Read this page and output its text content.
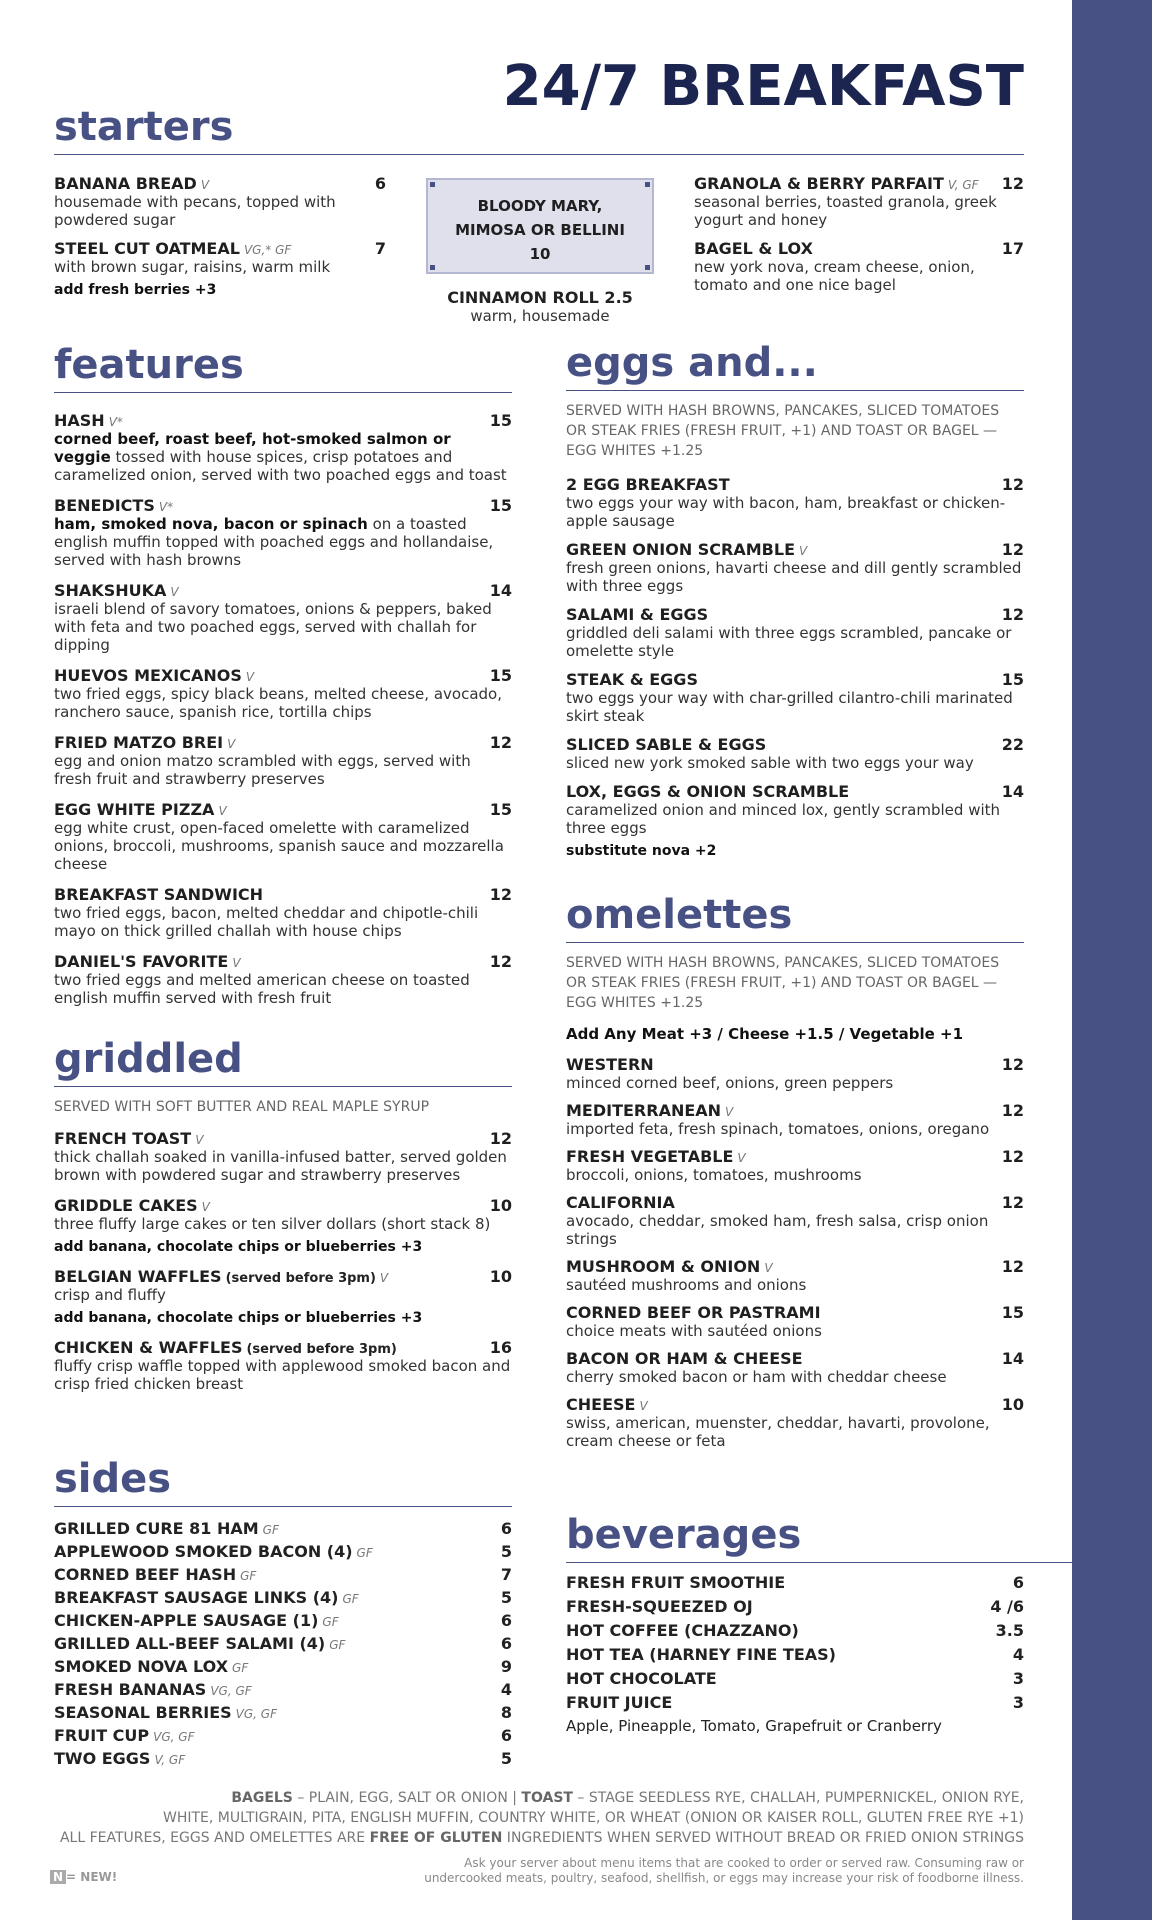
24/7 BREAKFAST
starters
BANANA BREAD V	6
housemade with pecans, topped with powdered sugar
STEEL CUT OATMEAL VG,* GF	7
with brown sugar, raisins, warm milk
add fresh berries +3
BLOODY MARY,
MIMOSA OR BELLINI
10
CINNAMON ROLL 2.5
warm, housemade
GRANOLA & BERRY PARFAIT V, GF 12
seasonal berries, toasted granola, greek yogurt and honey
BAGEL & LOX	17
new york nova, cream cheese, onion, tomato and one nice bagel
features
HASH V*	15
corned beef, roast beef, hot-smoked salmon or veggie tossed with house spices, crisp potatoes and caramelized onion, served with two poached eggs and toast
BENEDICTS V*	15
ham, smoked nova, bacon or spinach on a toasted english muffin topped with poached eggs and hollandaise, served with hash browns
SHAKSHUKA V	14
israeli blend of savory tomatoes, onions & peppers, baked with feta and two poached eggs, served with challah for dipping
HUEVOS MEXICANOS V	15
two fried eggs, spicy black beans, melted cheese, avocado, ranchero sauce, spanish rice, tortilla chips
FRIED MATZO BREI V	12
egg and onion matzo scrambled with eggs, served with fresh fruit and strawberry preserves
EGG WHITE PIZZA V	15
egg white crust, open-faced omelette with caramelized onions, broccoli, mushrooms, spanish sauce and mozzarella cheese
BREAKFAST SANDWICH	12
two fried eggs, bacon, melted cheddar and chipotle-chili mayo on thick grilled challah with house chips
DANIEL'S FAVORITE V	12
two fried eggs and melted american cheese on toasted english muffin served with fresh fruit
griddled
SERVED WITH SOFT BUTTER AND REAL MAPLE SYRUP
FRENCH TOAST V	12
thick challah soaked in vanilla-infused batter, served golden brown with powdered sugar and strawberry preserves
GRIDDLE CAKES V	10
three fluffy large cakes or ten silver dollars (short stack 8)
add banana, chocolate chips or blueberries +3
BELGIAN WAFFLES (served before 3pm) V	10
crisp and fluffy
add banana, chocolate chips or blueberries +3
CHICKEN & WAFFLES (served before 3pm)	16
fluffy crisp waffle topped with applewood smoked bacon and crisp fried chicken breast
sides
GRILLED CURE 81 HAM GF	6
APPLEWOOD SMOKED BACON (4) GF	5
CORNED BEEF HASH GF	7
BREAKFAST SAUSAGE LINKS (4) GF	5
CHICKEN-APPLE SAUSAGE (1) GF	6
GRILLED ALL-BEEF SALAMI (4) GF	6
SMOKED NOVA LOX GF	9
FRESH BANANAS VG, GF	4
SEASONAL BERRIES VG, GF	8
FRUIT CUP VG, GF	6
TWO EGGS V, GF	5
eggs and...
SERVED WITH HASH BROWNS, PANCAKES, SLICED TOMATOES OR STEAK FRIES (FRESH FRUIT, +1) AND TOAST OR BAGEL — EGG WHITES +1.25
2 EGG BREAKFAST	12
two eggs your way with bacon, ham, breakfast or chicken-apple sausage
GREEN ONION SCRAMBLE V	12
fresh green onions, havarti cheese and dill gently scrambled with three eggs
SALAMI & EGGS	12
griddled deli salami with three eggs scrambled, pancake or omelette style
STEAK & EGGS	15
two eggs your way with char-grilled cilantro-chili marinated skirt steak
SLICED SABLE & EGGS	22
sliced new york smoked sable with two eggs your way
LOX, EGGS & ONION SCRAMBLE	14
caramelized onion and minced lox, gently scrambled with three eggs
substitute nova +2
omelettes
SERVED WITH HASH BROWNS, PANCAKES, SLICED TOMATOES OR STEAK FRIES (FRESH FRUIT, +1) AND TOAST OR BAGEL — EGG WHITES +1.25
Add Any Meat +3 / Cheese +1.5 / Vegetable +1
WESTERN	12
minced corned beef, onions, green peppers
MEDITERRANEAN V	12
imported feta, fresh spinach, tomatoes, onions, oregano
FRESH VEGETABLE V	12
broccoli, onions, tomatoes, mushrooms
CALIFORNIA	12
avocado, cheddar, smoked ham, fresh salsa, crisp onion strings
MUSHROOM & ONION V	12
sautéed mushrooms and onions
CORNED BEEF OR PASTRAMI	15
choice meats with sautéed onions
BACON OR HAM & CHEESE	14
cherry smoked bacon or ham with cheddar cheese
CHEESE V	10
swiss, american, muenster, cheddar, havarti, provolone, cream cheese or feta
beverages
FRESH FRUIT SMOOTHIE	6
FRESH-SQUEEZED OJ	4 /6
HOT COFFEE (CHAZZANO)	3.5
HOT TEA (HARNEY FINE TEAS)	4
HOT CHOCOLATE	3
FRUIT JUICE	3
Apple, Pineapple, Tomato, Grapefruit or Cranberry
BAGELS – PLAIN, EGG, SALT OR ONION | TOAST – STAGE SEEDLESS RYE, CHALLAH, PUMPERNICKEL, ONION RYE,
WHITE, MULTIGRAIN, PITA, ENGLISH MUFFIN, COUNTRY WHITE, OR WHEAT (ONION OR KAISER ROLL, GLUTEN FREE RYE +1)
ALL FEATURES, EGGS AND OMELETTES ARE FREE OF GLUTEN INGREDIENTS WHEN SERVED WITHOUT BREAD OR FRIED ONION STRINGS
Ask your server about menu items that are cooked to order or served raw. Consuming raw or
undercooked meats, poultry, seafood, shellfish, or eggs may increase your risk of foodborne illness.
N = NEW!
